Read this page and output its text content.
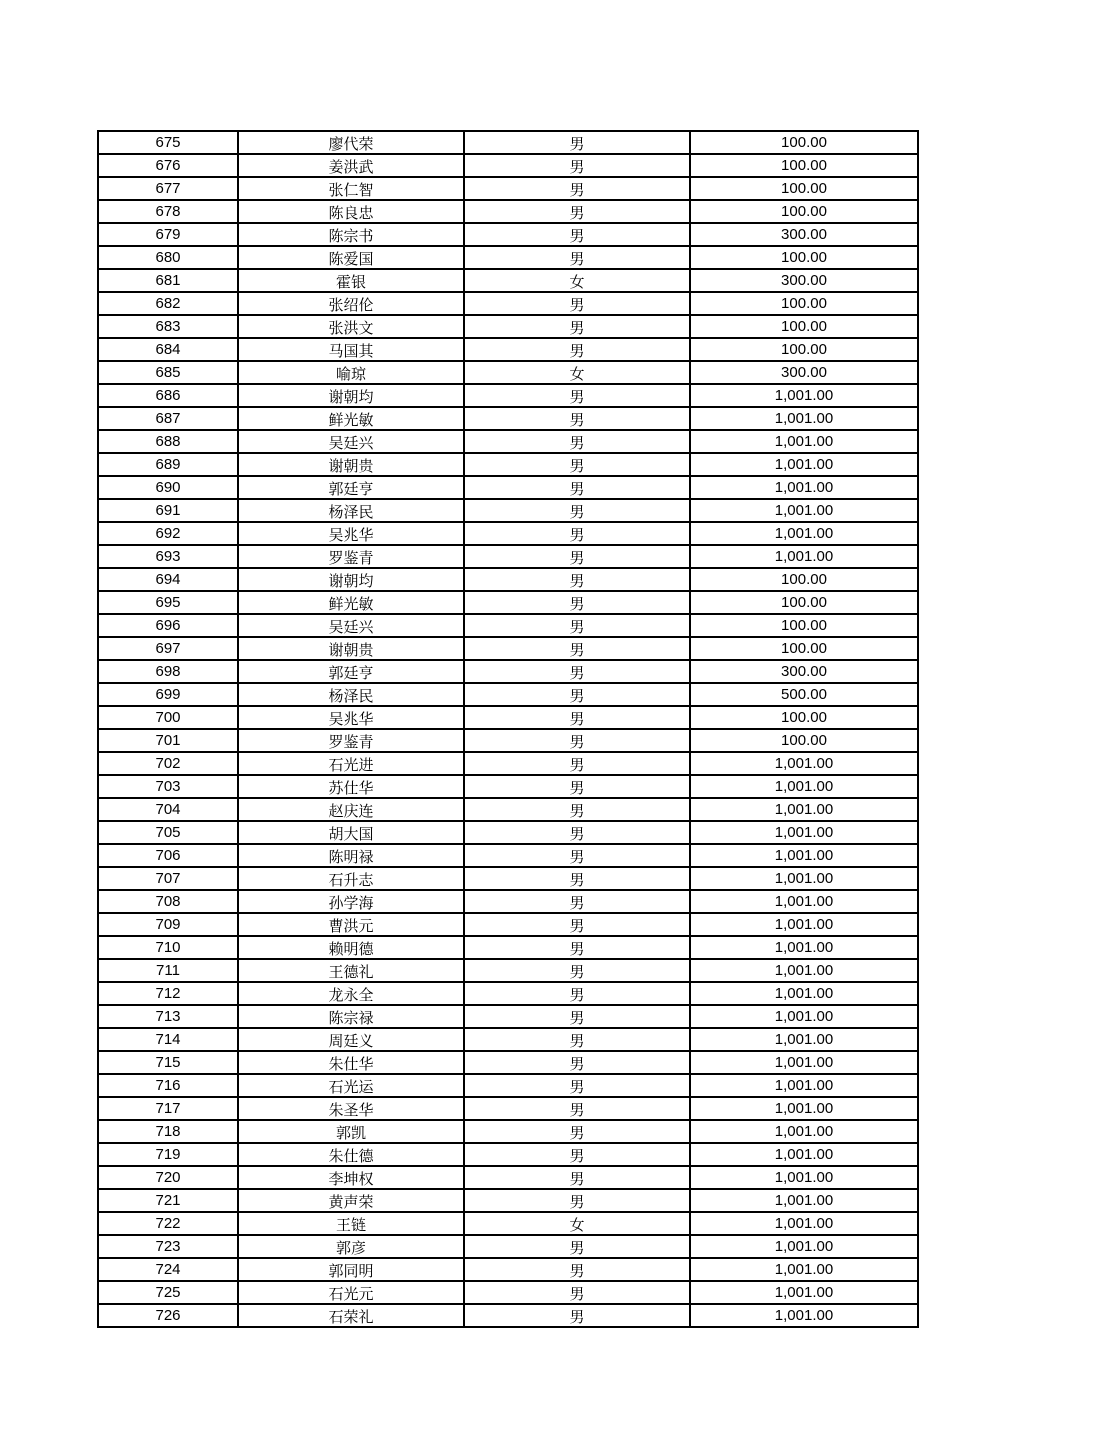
675	廖代荣	男	100.00
676	姜洪武	男	100.00
677	张仁智	男	100.00
678	陈良忠	男	100.00
679	陈宗书	男	300.00
680	陈爱国	男	100.00
681	霍银	女	300.00
682	张绍伦	男	100.00
683	张洪文	男	100.00
684	马国其	男	100.00
685	喻琼	女	300.00
686	谢朝均	男	1,001.00
687	鲜光敏	男	1,001.00
688	吴廷兴	男	1,001.00
689	谢朝贵	男	1,001.00
690	郭廷亨	男	1,001.00
691	杨泽民	男	1,001.00
692	吴兆华	男	1,001.00
693	罗鉴青	男	1,001.00
694	谢朝均	男	100.00
695	鲜光敏	男	100.00
696	吴廷兴	男	100.00
697	谢朝贵	男	100.00
698	郭廷亨	男	300.00
699	杨泽民	男	500.00
700	吴兆华	男	100.00
701	罗鉴青	男	100.00
702	石光进	男	1,001.00
703	苏仕华	男	1,001.00
704	赵庆连	男	1,001.00
705	胡大国	男	1,001.00
706	陈明禄	男	1,001.00
707	石升志	男	1,001.00
708	孙学海	男	1,001.00
709	曹洪元	男	1,001.00
710	赖明德	男	1,001.00
711	王德礼	男	1,001.00
712	龙永全	男	1,001.00
713	陈宗禄	男	1,001.00
714	周廷义	男	1,001.00
715	朱仕华	男	1,001.00
716	石光运	男	1,001.00
717	朱圣华	男	1,001.00
718	郭凯	男	1,001.00
719	朱仕德	男	1,001.00
720	李坤权	男	1,001.00
721	黄声荣	男	1,001.00
722	王链	女	1,001.00
723	郭彦	男	1,001.00
724	郭同明	男	1,001.00
725	石光元	男	1,001.00
726	石荣礼	男	1,001.00
